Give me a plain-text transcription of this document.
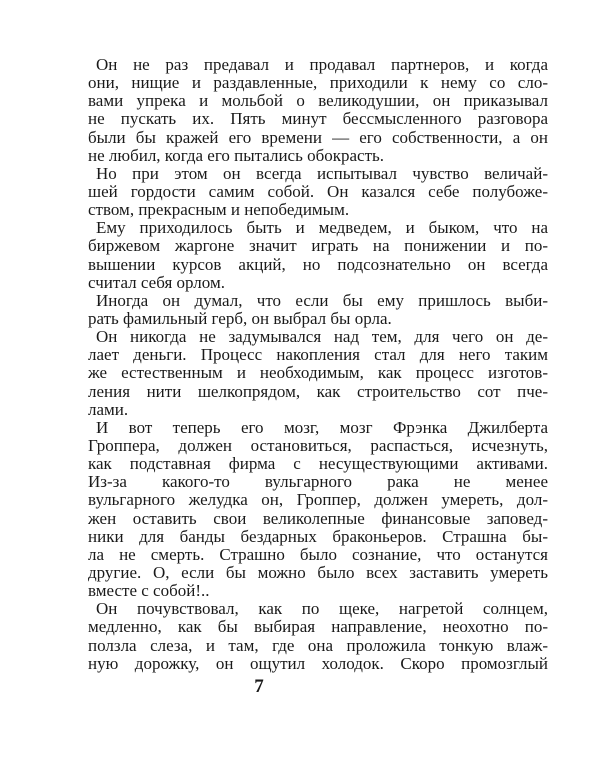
Он не раз предавал и продавал партнеров, и когда
они, нищие и раздавленные, приходили к нему со сло-
вами упрека и мольбой о великодушии, он приказывал
не пускать их. Пять минут бессмысленного разговора
были бы кражей его времени — его собственности, а он
не любил, когда его пытались обокрасть.
Но при этом он всегда испытывал чувство величай-
шей гордости самим собой. Он казался себе полубоже-
ством, прекрасным и непобедимым.
Ему приходилось быть и медведем, и быком, что на
биржевом жаргоне значит играть на понижении и по-
вышении курсов акций, но подсознательно он всегда
считал себя орлом.
Иногда он думал, что если бы ему пришлось выби-
рать фамильный герб, он выбрал бы орла.
Он никогда не задумывался над тем, для чего он де-
лает деньги. Процесс накопления стал для него таким
же естественным и необходимым, как процесс изготов-
ления нити шелкопрядом, как строительство сот пче-
лами.
И вот теперь его мозг, мозг Фрэнка Джилберта
Гроппера, должен остановиться, распасться, исчезнуть,
как подставная фирма с несуществующими активами.
Из-за какого-то вульгарного рака не менее
вульгарного желудка он, Гроппер, должен умереть, дол-
жен оставить свои великолепные финансовые заповед-
ники для банды бездарных браконьеров. Страшна бы-
ла не смерть. Страшно было сознание, что останутся
другие. О, если бы можно было всех заставить умереть
вместе с собой!..
Он почувствовал, как по щеке, нагретой солнцем,
медленно, как бы выбирая направление, неохотно по-
ползла слеза, и там, где она проложила тонкую влаж-
ную дорожку, он ощутил холодок. Скоро промозглый
7
